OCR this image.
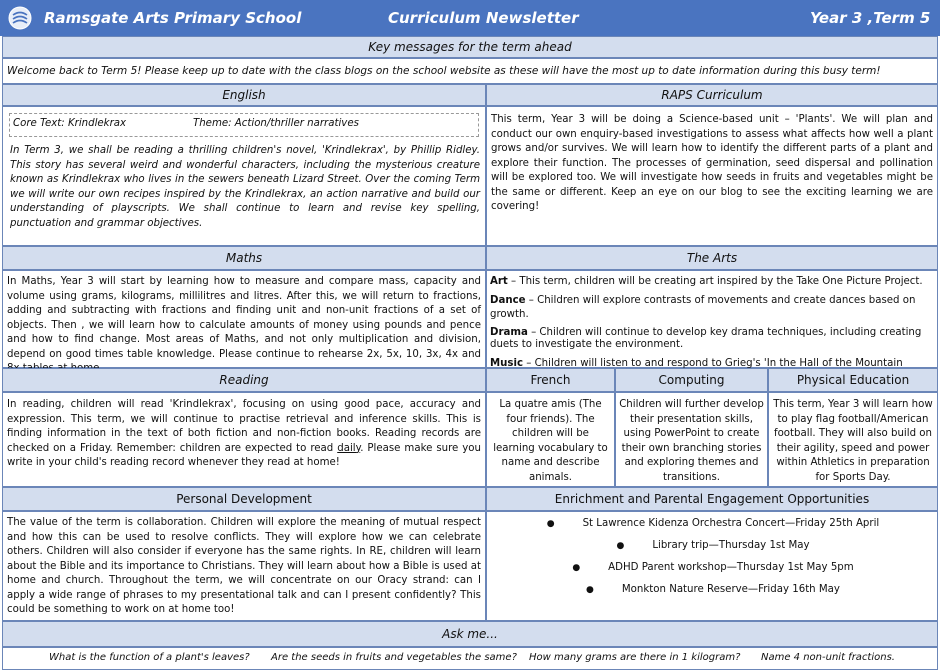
Ramsgate Arts Primary School	Curriculum Newsletter	Year 3 ,Term 5
Key messages for the term ahead
Welcome back to Term 5! Please keep up to date with the class blogs on the school website as these will have the most up to date information during this busy term!
English	RAPS Curriculum
Core Text: Krindlekrax	Theme: Action/thriller narratives
In Term 3, we shall be reading a thrilling children's novel, 'Krindlekrax', by Phillip Ridley. This story has several weird and wonderful characters, including the mysterious creature known as Krindlekrax who lives in the sewers beneath Lizard Street. Over the coming Term we will write our own recipes inspired by the Krindlekrax, an action narrative and build our understanding of playscripts. We shall continue to learn and revise key spelling, punctuation and grammar objectives.
This term, Year 3 will be doing a Science-based unit – 'Plants'. We will plan and conduct our own enquiry-based investigations to assess what affects how well a plant grows and/or survives. We will learn how to identify the different parts of a plant and explore their function. The processes of germination, seed dispersal and pollination will be explored too. We will investigate how seeds in fruits and vegetables might be the same or different. Keep an eye on our blog to see the exciting learning we are covering!
Maths	The Arts
In Maths, Year 3 will start by learning how to measure and compare mass, capacity and volume using grams, kilograms, millilitres and litres. After this, we will return to fractions, adding and subtracting with fractions and finding unit and non-unit fractions of a set of objects. Then , we will learn how to calculate amounts of money using pounds and pence and how to find change. Most areas of Maths, and not only multiplication and division, depend on good times table knowledge. Please continue to rehearse 2x, 5x, 10, 3x, 4x and
Art – This term, children will be creating art inspired by the Take One Picture Project.
Dance – Children will explore contrasts of movements and create dances based on growth.
Drama – Children will continue to develop key drama techniques, including creating duets to investigate the environment.
Music – Children will listen to and respond to Grieg's 'In the Hall of the Mountain
Reading	French	Computing	Physical Education
In reading, children will read 'Krindlekrax', focusing on using good pace, accuracy and expression. This term, we will continue to practise retrieval and inference skills. This is finding information in the text of both fiction and non-fiction books. Reading records are checked on a Friday. Remember: children are expected to read daily. Please make sure you write in your child's reading record whenever they read at home!
La quatre amis (The four friends). The children will be learning vocabulary to name and describe animals.
Children will further develop their presentation skills, using PowerPoint to create their own branching stories and exploring themes and transitions.
This term, Year 3 will learn how to play flag football/American football. They will also build on their agility, speed and power within Athletics in preparation for Sports Day.
Personal Development	Enrichment and Parental Engagement Opportunities
The value of the term is collaboration. Children will explore the meaning of mutual respect and how this can be used to resolve conflicts. They will explore how we can celebrate others. Children will also consider if everyone has the same rights. In RE, children will learn about the Bible and its importance to Christians. They will learn about how a Bible is used at home and church. Throughout the term, we will concentrate on our Oracy strand: can I apply a wide range of phrases to my presentational talk and can I present confidently? This could be something to work on at home too!
●	St Lawrence Kidenza Orchestra Concert—Friday 25th April
●	Library trip—Thursday 1st May
●	ADHD Parent workshop—Thursday 1st May 5pm
●	Monkton Nature Reserve—Friday 16th May
Ask me...
What is the function of a plant's leaves? Are the seeds in fruits and vegetables the same? How many grams are there in 1 kilogram? Name 4 non-unit fractions.
